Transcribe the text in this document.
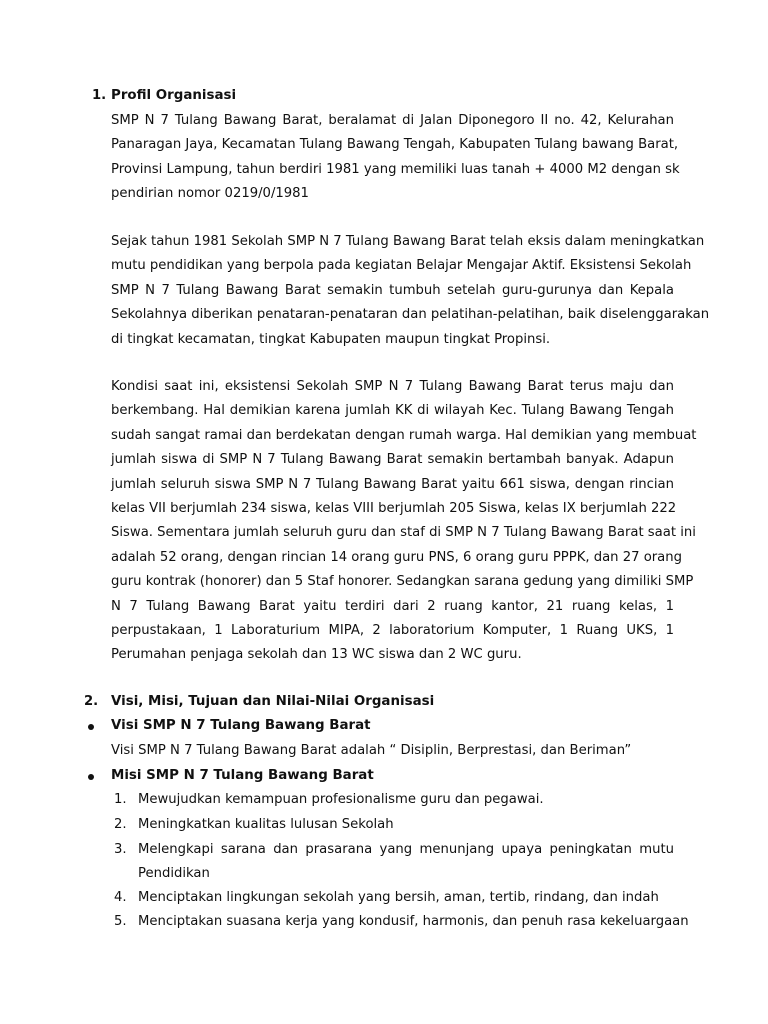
1. Profil Organisasi
SMP N 7 Tulang Bawang Barat, beralamat di Jalan Diponegoro II no. 42, Kelurahan
Panaragan Jaya, Kecamatan Tulang Bawang Tengah, Kabupaten Tulang bawang Barat,
Provinsi Lampung, tahun berdiri 1981 yang memiliki luas tanah + 4000 M2 dengan sk
pendirian nomor 0219/0/1981
Sejak tahun 1981 Sekolah SMP N 7 Tulang Bawang Barat telah eksis dalam meningkatkan
mutu pendidikan yang berpola pada kegiatan Belajar Mengajar Aktif. Eksistensi Sekolah
SMP N 7 Tulang Bawang Barat semakin tumbuh setelah guru-gurunya dan Kepala
Sekolahnya diberikan penataran-penataran dan pelatihan-pelatihan, baik diselenggarakan
di tingkat kecamatan, tingkat Kabupaten maupun tingkat Propinsi.
Kondisi saat ini, eksistensi Sekolah SMP N 7 Tulang Bawang Barat terus maju dan
berkembang. Hal demikian karena jumlah KK di wilayah Kec. Tulang Bawang Tengah
sudah sangat ramai dan berdekatan dengan rumah warga. Hal demikian yang membuat
jumlah siswa di SMP N 7 Tulang Bawang Barat semakin bertambah banyak. Adapun
jumlah seluruh siswa SMP N 7 Tulang Bawang Barat yaitu 661 siswa, dengan rincian
kelas VII berjumlah 234 siswa, kelas VIII berjumlah 205 Siswa, kelas IX berjumlah 222
Siswa. Sementara jumlah seluruh guru dan staf di SMP N 7 Tulang Bawang Barat saat ini
adalah 52 orang, dengan rincian 14 orang guru PNS, 6 orang guru PPPK, dan 27 orang
guru kontrak (honorer) dan 5 Staf honorer. Sedangkan sarana gedung yang dimiliki SMP
N 7 Tulang Bawang Barat yaitu terdiri dari 2 ruang kantor, 21 ruang kelas, 1
perpustakaan, 1 Laboraturium MIPA, 2 laboratorium Komputer, 1 Ruang UKS, 1
Perumahan penjaga sekolah dan 13 WC siswa dan 2 WC guru.
2. Visi, Misi, Tujuan dan Nilai-Nilai Organisasi
Visi SMP N 7 Tulang Bawang Barat
Visi SMP N 7 Tulang Bawang Barat adalah “ Disiplin, Berprestasi, dan Beriman”
Misi SMP N 7 Tulang Bawang Barat
1. Mewujudkan kemampuan profesionalisme guru dan pegawai.
2. Meningkatkan kualitas lulusan Sekolah
3. Melengkapi sarana dan prasarana yang menunjang upaya peningkatan mutu
Pendidikan
4. Menciptakan lingkungan sekolah yang bersih, aman, tertib, rindang, dan indah
5. Menciptakan suasana kerja yang kondusif, harmonis, dan penuh rasa kekeluargaan
